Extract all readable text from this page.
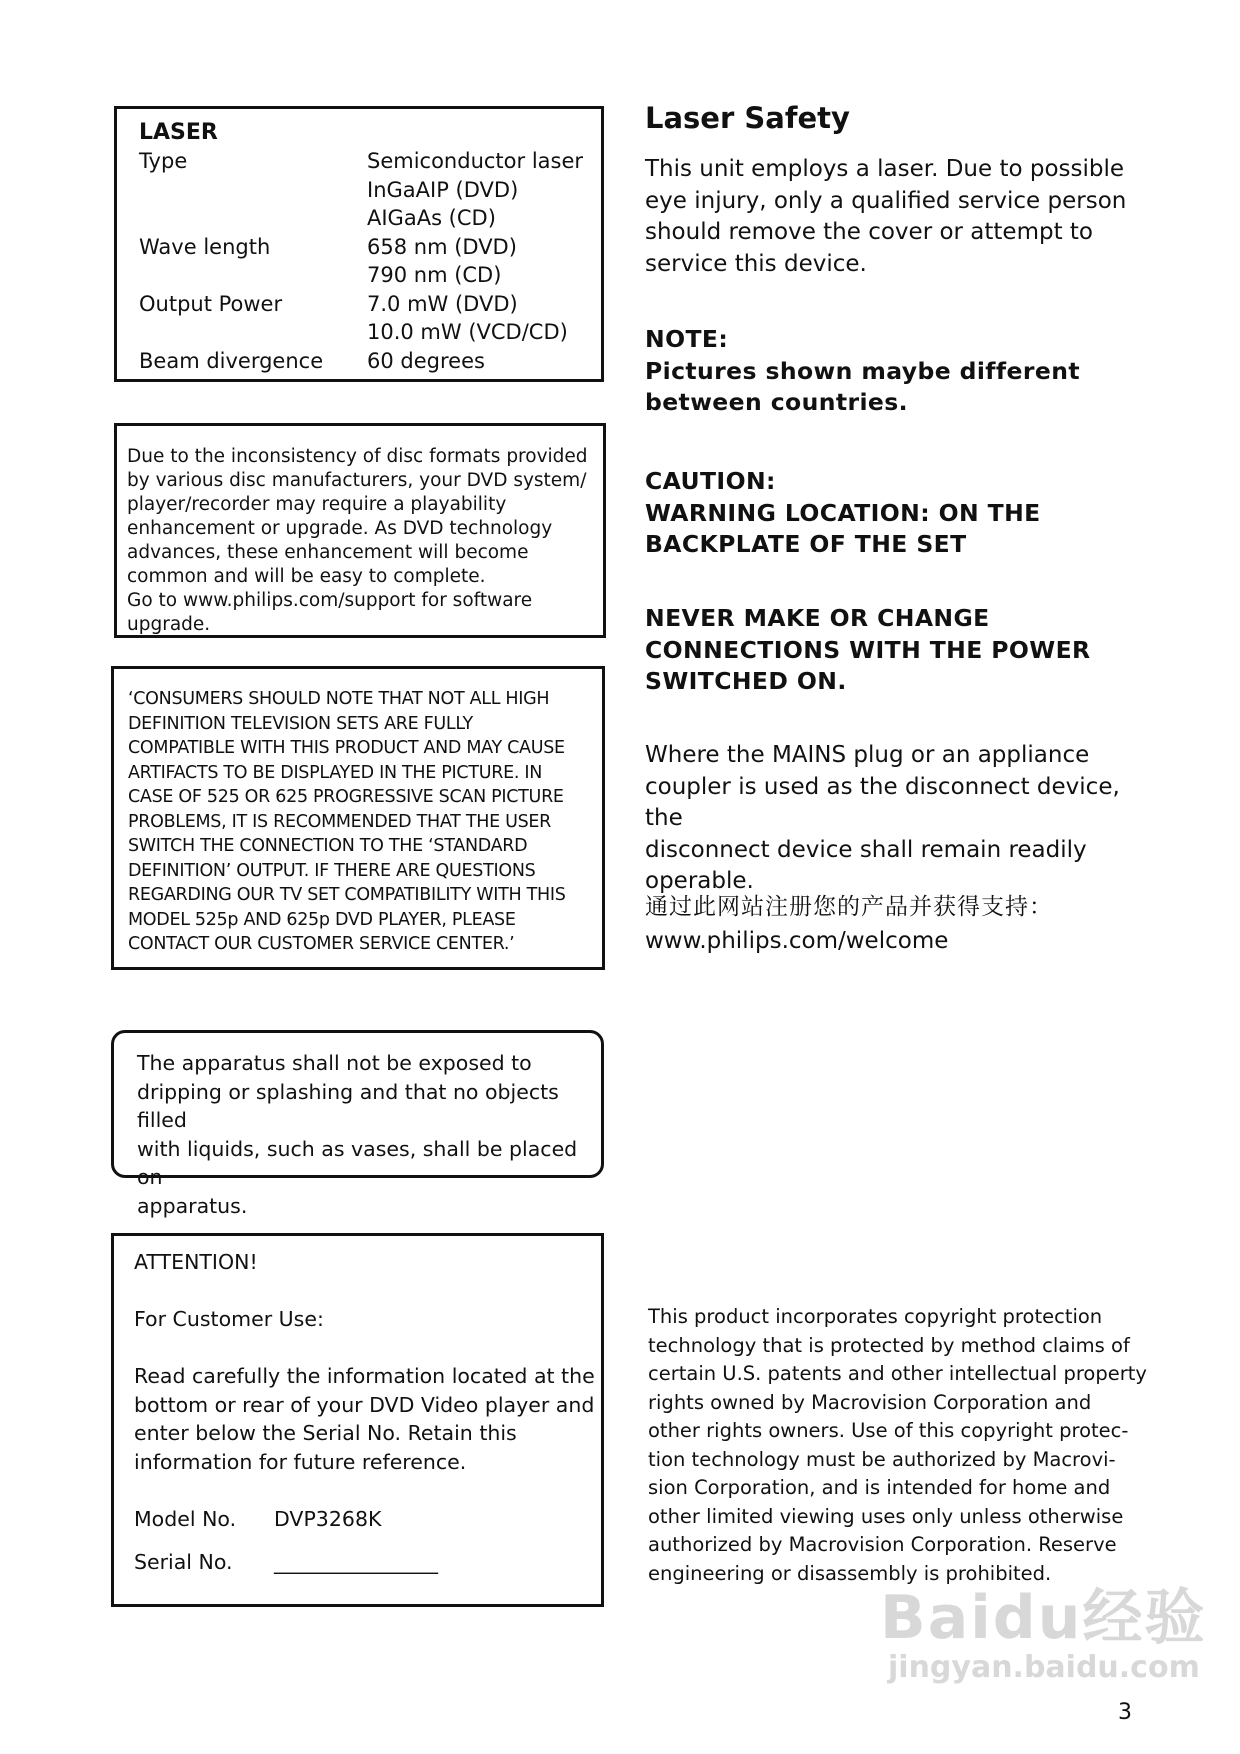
LASER
Type	Semiconductor laser
InGaAIP (DVD)
AIGaAs (CD)
Wave length	658 nm (DVD)
790 nm (CD)
Output Power	7.0 mW (DVD)
10.0 mW (VCD/CD)
Beam divergence	60 degrees
Due to the inconsistency of disc formats provided
by various disc manufacturers, your DVD system/
player/recorder may require a playability
enhancement or upgrade. As DVD technology
advances, these enhancement will become
common and will be easy to complete.
Go to www.philips.com/support for software upgrade.
‘CONSUMERS SHOULD NOTE THAT NOT ALL HIGH
DEFINITION TELEVISION SETS ARE FULLY
COMPATIBLE WITH THIS PRODUCT AND MAY CAUSE
ARTIFACTS TO BE DISPLAYED IN THE PICTURE. IN
CASE OF 525 OR 625 PROGRESSIVE SCAN PICTURE
PROBLEMS, IT IS RECOMMENDED THAT THE USER
SWITCH THE CONNECTION TO THE ‘STANDARD
DEFINITION’ OUTPUT. IF THERE ARE QUESTIONS
REGARDING OUR TV SET COMPATIBILITY WITH THIS
MODEL 525p AND 625p DVD PLAYER, PLEASE
CONTACT OUR CUSTOMER SERVICE CENTER.’
The apparatus shall not be exposed to
dripping or splashing and that no objects filled
with liquids, such as vases, shall be placed on
apparatus.
ATTENTION!
For Customer Use:
Read carefully the information located at the
bottom or rear of your DVD Video player and
enter below the Serial No. Retain this
information for future reference.
Model No.	DVP3268K
Serial No.	________________
Laser Safety
This unit employs a laser. Due to possible
eye injury, only a qualified service person
should remove the cover or attempt to
service this device.
NOTE:
Pictures shown maybe different
between countries.
CAUTION:
WARNING LOCATION: ON THE
BACKPLATE OF THE SET
NEVER MAKE OR CHANGE
CONNECTIONS WITH THE POWER
SWITCHED ON.
Where the MAINS plug or an appliance
coupler is used as the disconnect device, the
disconnect device shall remain readily
operable.
通过此网站注册您的产品并获得支持：
www.philips.com/welcome
This product incorporates copyright protection
technology that is protected by method claims of
certain U.S. patents and other intellectual property
rights owned by Macrovision Corporation and
other rights owners. Use of this copyright protec-
tion technology must be authorized by Macrovi-
sion Corporation, and is intended for home and
other limited viewing uses only unless otherwise
authorized by Macrovision Corporation. Reserve
engineering or disassembly is prohibited.
Baidu经验
jingyan.baidu.com
3
